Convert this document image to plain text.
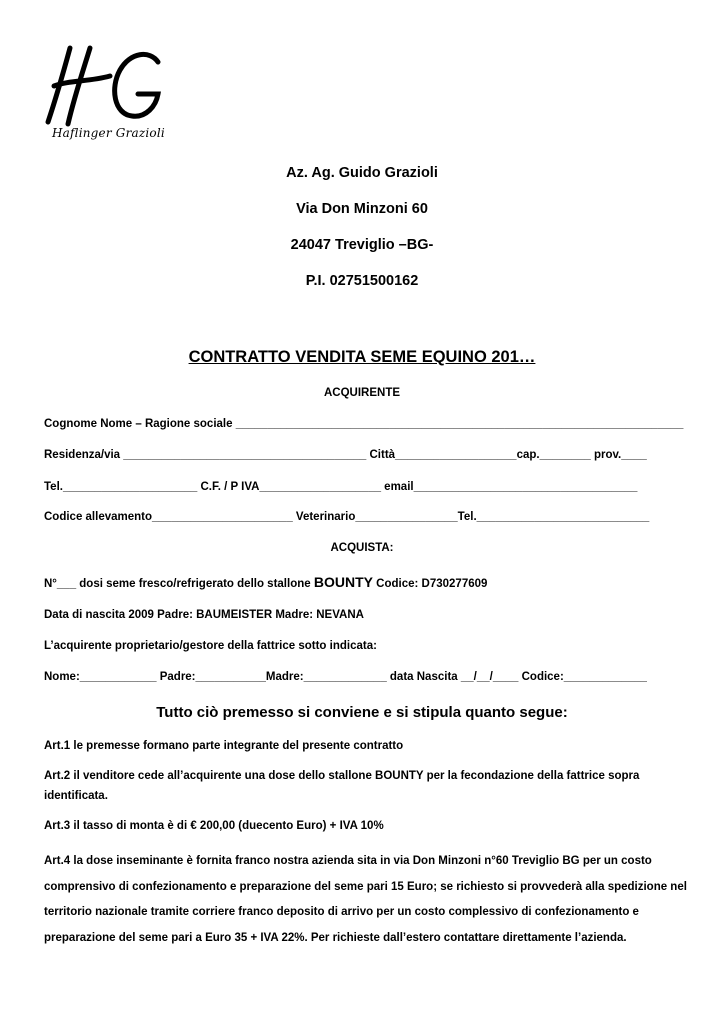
Haflinger Grazioli
Az. Ag. Guido Grazioli
Via Don Minzoni 60
24047 Treviglio –BG-
P.I. 02751500162
CONTRATTO VENDITA SEME EQUINO 201…
ACQUIRENTE
Cognome Nome – Ragione sociale ______________________________________________________________________
Residenza/via ______________________________________ Città___________________cap.________ prov.____
Tel._____________________ C.F. / P IVA___________________ email___________________________________
Codice allevamento______________________ Veterinario________________Tel.___________________________
ACQUISTA:
N°___ dosi seme fresco/refrigerato dello stallone BOUNTY Codice: D730277609
Data di nascita 2009 Padre: BAUMEISTER Madre: NEVANA
L’acquirente proprietario/gestore della fattrice sotto indicata:
Nome:____________ Padre:___________Madre:_____________ data Nascita __/__/____ Codice:_____________
Tutto ciò premesso si conviene e si stipula quanto segue:
Art.1 le premesse formano parte integrante del presente contratto
Art.2 il venditore cede all’acquirente una dose dello stallone BOUNTY per la fecondazione della fattrice sopra identificata.
Art.3 il tasso di monta è di € 200,00 (duecento Euro) + IVA 10%
Art.4 la dose inseminante è fornita franco nostra azienda sita in via Don Minzoni n°60 Treviglio BG per un costo comprensivo di confezionamento e preparazione del seme pari 15 Euro; se richiesto si provvederà alla spedizione nel territorio nazionale tramite corriere franco deposito di arrivo per un costo complessivo di confezionamento e preparazione del seme pari a Euro 35 + IVA 22%. Per richieste dall’estero contattare direttamente l’azienda.
